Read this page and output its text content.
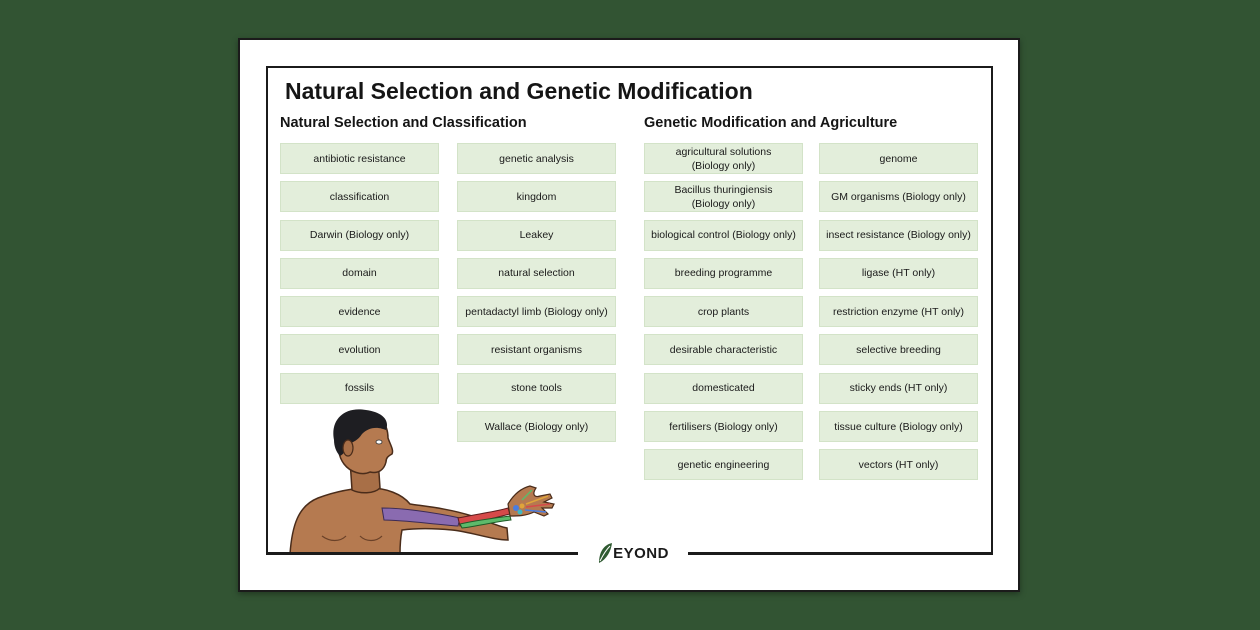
Natural Selection and Genetic Modification
Natural Selection and Classification	Genetic Modification and Agriculture
antibiotic resistance
classification
Darwin (Biology only)
domain
evidence
evolution
fossils
genetic analysis
kingdom
Leakey
natural selection
pentadactyl limb (Biology only)
resistant organisms
stone tools
Wallace (Biology only)
agricultural solutions
(Biology only)
Bacillus thuringiensis
(Biology only)
biological control (Biology only)
breeding programme
crop plants
desirable characteristic
domesticated
fertilisers (Biology only)
genetic engineering
genome
GM organisms (Biology only)
insect resistance (Biology only)
ligase (HT only)
restriction enzyme (HT only)
selective breeding
sticky ends (HT only)
tissue culture (Biology only)
vectors (HT only)
EYOND
